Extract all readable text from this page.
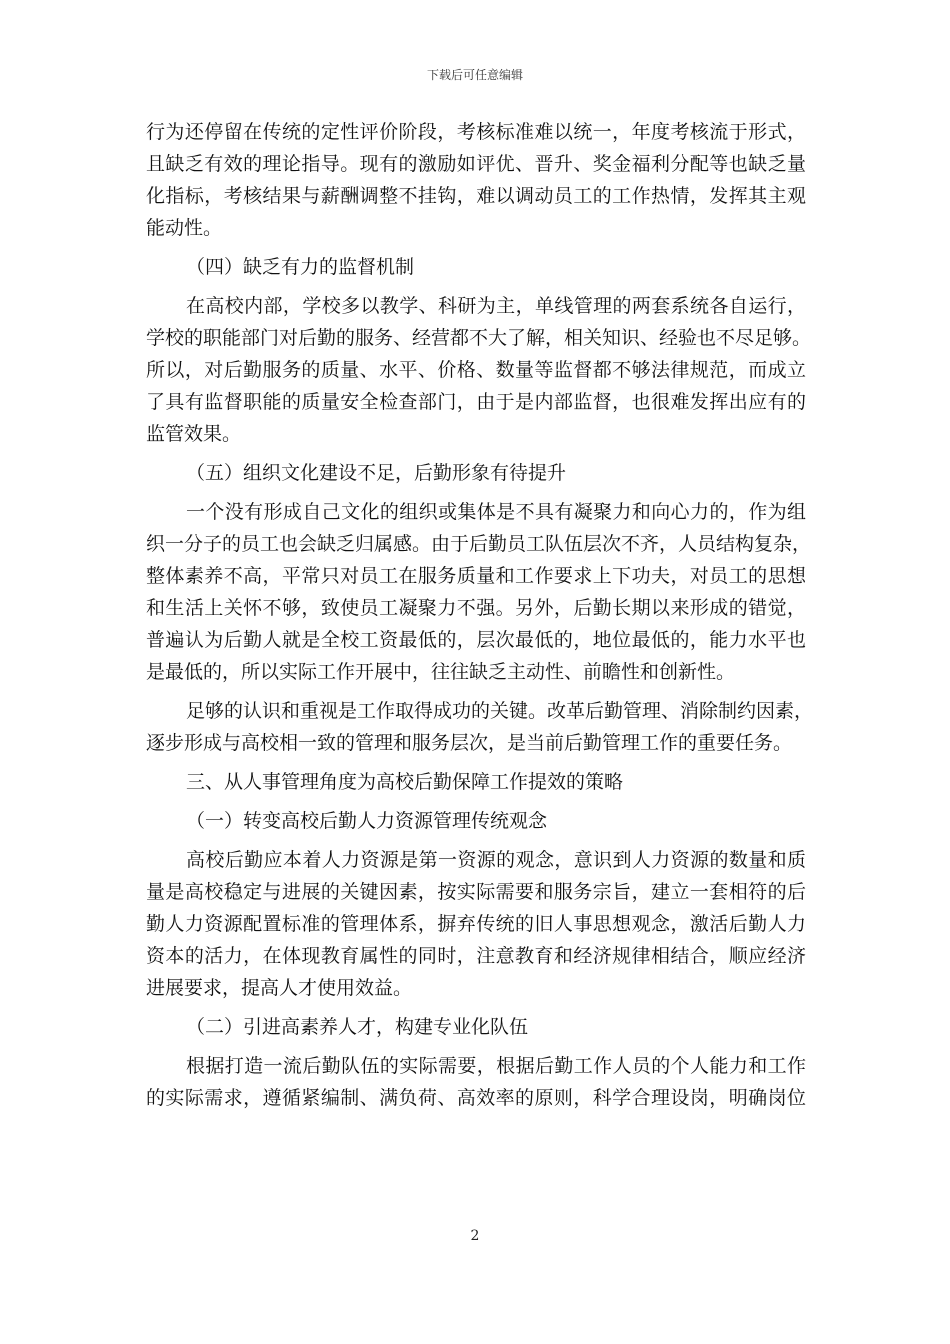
下载后可任意编辑
行为还停留在传统的定性评价阶段，考核标准难以统一，年度考核流于形式，
且缺乏有效的理论指导。现有的激励如评优、晋升、奖金福利分配等也缺乏量
化指标，考核结果与薪酬调整不挂钩，难以调动员工的工作热情，发挥其主观
能动性。
（四）缺乏有力的监督机制
在高校内部，学校多以教学、科研为主，单线管理的两套系统各自运行，
学校的职能部门对后勤的服务、经营都不大了解，相关知识、经验也不尽足够。
所以，对后勤服务的质量、水平、价格、数量等监督都不够法律规范，而成立
了具有监督职能的质量安全检查部门，由于是内部监督，也很难发挥出应有的
监管效果。
（五）组织文化建设不足，后勤形象有待提升
一个没有形成自己文化的组织或集体是不具有凝聚力和向心力的，作为组
织一分子的员工也会缺乏归属感。由于后勤员工队伍层次不齐，人员结构复杂，
整体素养不高，平常只对员工在服务质量和工作要求上下功夫，对员工的思想
和生活上关怀不够，致使员工凝聚力不强。另外，后勤长期以来形成的错觉，
普遍认为后勤人就是全校工资最低的，层次最低的，地位最低的，能力水平也
是最低的，所以实际工作开展中，往往缺乏主动性、前瞻性和创新性。
足够的认识和重视是工作取得成功的关键。改革后勤管理、消除制约因素，
逐步形成与高校相一致的管理和服务层次，是当前后勤管理工作的重要任务。
三、从人事管理角度为高校后勤保障工作提效的策略
（一）转变高校后勤人力资源管理传统观念
高校后勤应本着人力资源是第一资源的观念，意识到人力资源的数量和质
量是高校稳定与进展的关键因素，按实际需要和服务宗旨，建立一套相符的后
勤人力资源配置标准的管理体系，摒弃传统的旧人事思想观念，激活后勤人力
资本的活力，在体现教育属性的同时，注意教育和经济规律相结合，顺应经济
进展要求，提高人才使用效益。
（二）引进高素养人才，构建专业化队伍
根据打造一流后勤队伍的实际需要，根据后勤工作人员的个人能力和工作
的实际需求，遵循紧编制、满负荷、高效率的原则，科学合理设岗，明确岗位
2
